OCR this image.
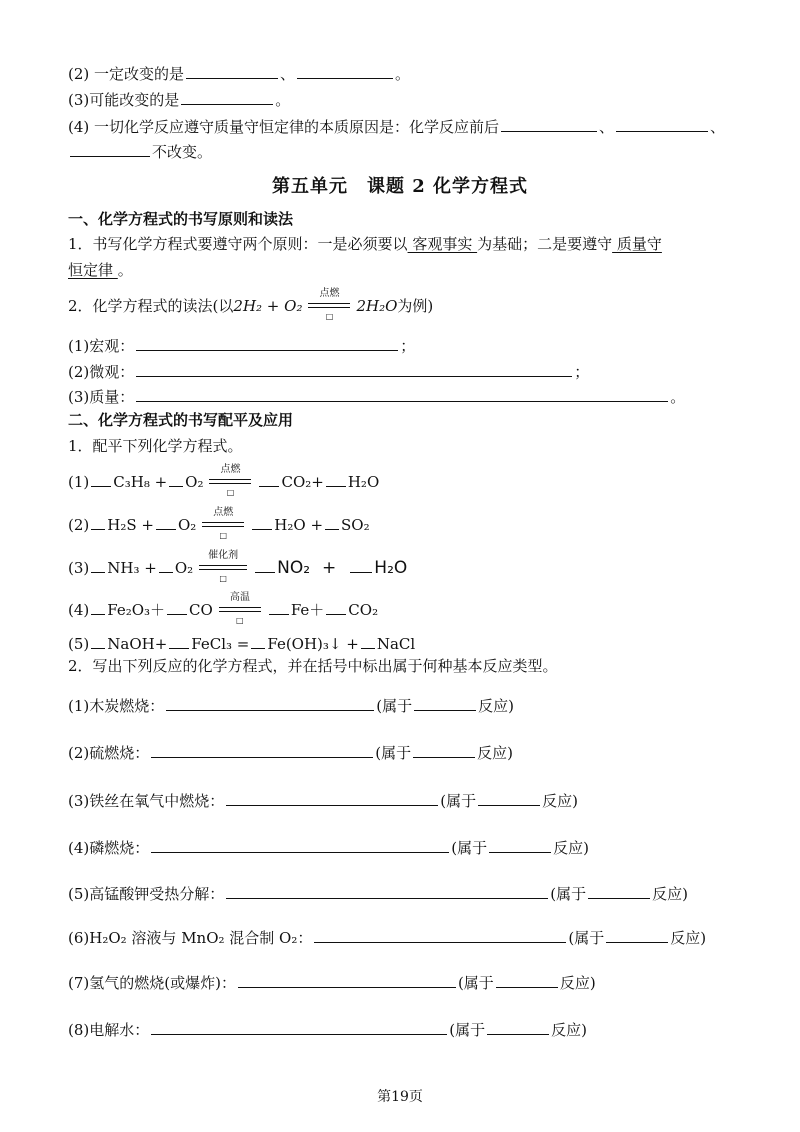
(2) 一定改变的是	、	。
(3)可能改变的是	。
(4) 一切化学反应遵守质量守恒定律的本质原因是：化学反应前后	、	、
不改变。
第五单元　课题 2 化学方程式
一、化学方程式的书写原则和读法
1．书写化学方程式要遵守两个原则：一是必须要以 客观事实 为基础；二是要遵守 质量守
恒定律 。
2．化学方程式的读法(以2H₂ + O₂
点燃
□
2H₂O为例)
(1)宏观：	；
(2)微观：	；
(3)质量：	。
二、化学方程式的书写配平及应用
1．配平下列化学方程式。
(1) C₃H₈ + O₂
点燃
□
CO₂+ H₂O
(2) H₂S + O₂
点燃
□
H₂O + SO₂
(3) NH₃ + O₂
催化剂
□
NO₂ + H₂O
(4) Fe₂O₃＋ CO
高温
□
Fe＋ CO₂
(5) NaOH+ FeCl₃ = Fe(OH)₃↓ + NaCl
2．写出下列反应的化学方程式，并在括号中标出属于何种基本反应类型。
(1)木炭燃烧：	(属于	反应)
(2)硫燃烧：	(属于	反应)
(3)铁丝在氧气中燃烧：	(属于	反应)
(4)磷燃烧：	(属于	反应)
(5)高锰酸钾受热分解：	(属于	反应)
(6)H₂O₂ 溶液与 MnO₂ 混合制 O₂：	(属于	反应)
(7)氢气的燃烧(或爆炸)：	(属于	反应)
(8)电解水：	(属于	反应)
第19页
